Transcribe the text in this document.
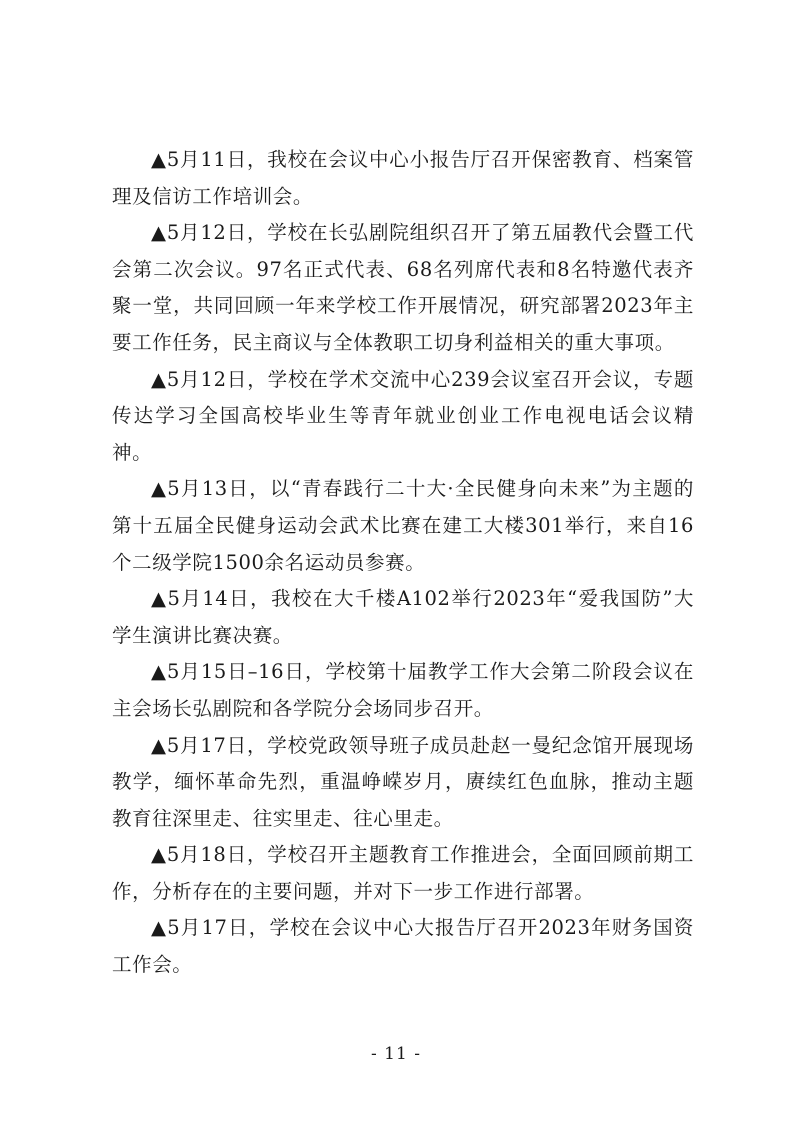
▲5月11日，我校在会议中心小报告厅召开保密教育、档案管理及信访工作培训会。

▲5月12日，学校在长弘剧院组织召开了第五届教代会暨工代会第二次会议。97名正式代表、68名列席代表和8名特邀代表齐聚一堂，共同回顾一年来学校工作开展情况，研究部署2023年主要工作任务，民主商议与全体教职工切身利益相关的重大事项。

▲5月12日，学校在学术交流中心239会议室召开会议，专题传达学习全国高校毕业生等青年就业创业工作电视电话会议精神。

▲5月13日，以“青春践行二十大·全民健身向未来”为主题的第十五届全民健身运动会武术比赛在建工大楼301举行，来自16个二级学院1500余名运动员参赛。

▲5月14日，我校在大千楼A102举行2023年“爱我国防”大学生演讲比赛决赛。

▲5月15日–16日，学校第十届教学工作大会第二阶段会议在主会场长弘剧院和各学院分会场同步召开。

▲5月17日，学校党政领导班子成员赴赵一曼纪念馆开展现场教学，缅怀革命先烈，重温峥嵘岁月，赓续红色血脉，推动主题教育往深里走、往实里走、往心里走。

▲5月18日，学校召开主题教育工作推进会，全面回顾前期工作，分析存在的主要问题，并对下一步工作进行部署。

▲5月17日，学校在会议中心大报告厅召开2023年财务国资工作会。

- 11 -
